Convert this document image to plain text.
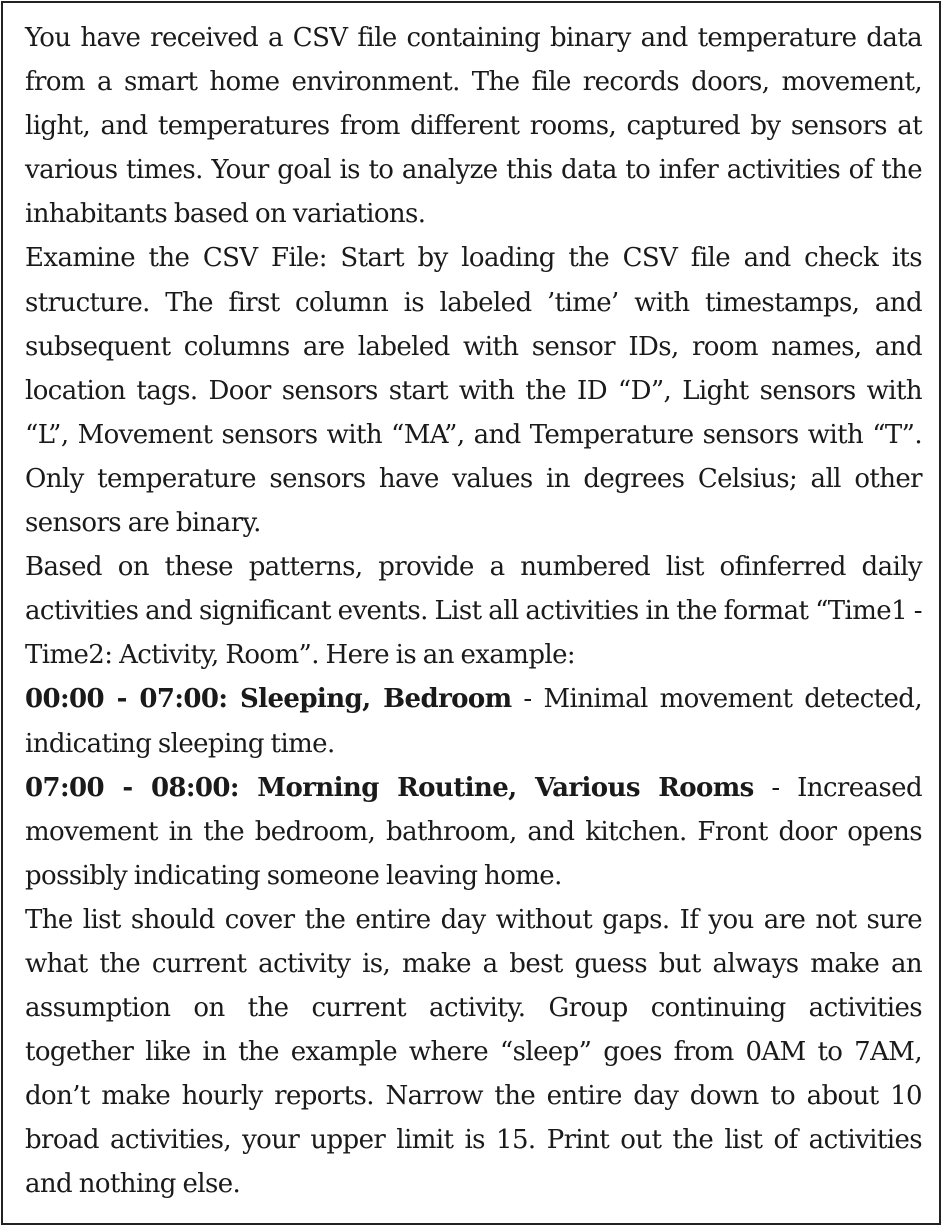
You have received a CSV file containing binary and temperature data from a smart home environment. The file records doors, movement, light, and temperatures from different rooms, captured by sensors at various times. Your goal is to analyze this data to infer activities of the inhabitants based on variations.

Examine the CSV File: Start by loading the CSV file and check its structure. The first column is labeled ’time’ with timestamps, and subsequent columns are labeled with sensor IDs, room names, and location tags. Door sensors start with the ID “D”, Light sensors with “L”, Movement sensors with “MA”, and Temperature sensors with “T”. Only temperature sensors have values in degrees Celsius; all other sensors are binary.

Based on these patterns, provide a numbered list ofinferred daily activities and significant events. List all activities in the format “Time1 - Time2: Activity, Room”. Here is an example:

00:00 - 07:00: Sleeping, Bedroom - Minimal movement detected, indicating sleeping time.

07:00 - 08:00: Morning Routine, Various Rooms - Increased movement in the bedroom, bathroom, and kitchen. Front door opens possibly indicating someone leaving home.

The list should cover the entire day without gaps. If you are not sure what the current activity is, make a best guess but always make an assumption on the current activity. Group continuing activities together like in the example where “sleep” goes from 0AM to 7AM, don’t make hourly reports. Narrow the entire day down to about 10 broad activities, your upper limit is 15. Print out the list of activities and nothing else.
